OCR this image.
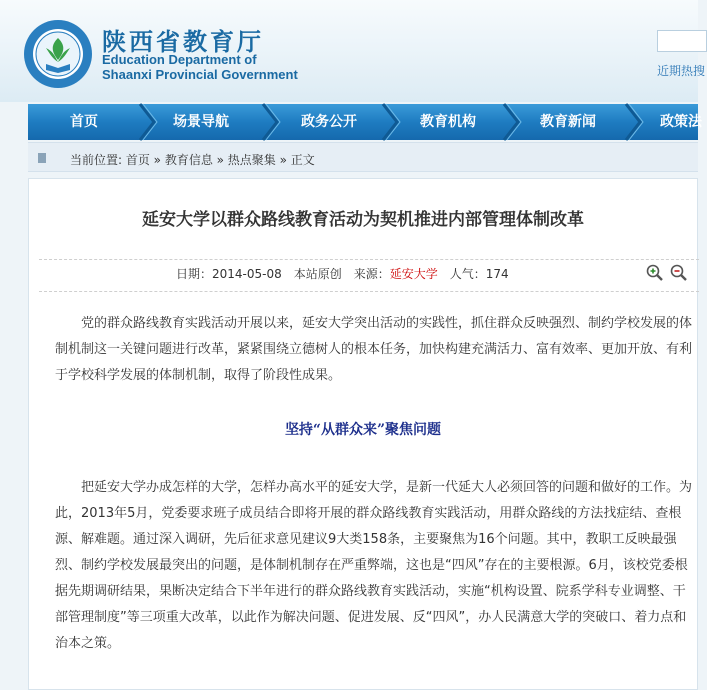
陕西省教育厅
Education Department of
Shaanxi Provincial Government	近期热搜
首页	场景导航	政务公开	教育机构	教育新闻	政策法
当前位置: 首页 » 教育信息 » 热点聚集 » 正文
延安大学以群众路线教育活动为契机推进内部管理体制改革
日期：2014-05-08　本站原创　来源：延安大学　人气：174
党的群众路线教育实践活动开展以来，延安大学突出活动的实践性，抓住群众反映强烈、制约学校发展的体制机制这一关键问题进行改革，紧紧围绕立德树人的根本任务，加快构建充满活力、富有效率、更加开放、有利于学校科学发展的体制机制，取得了阶段性成果。
坚持“从群众来”聚焦问题
把延安大学办成怎样的大学，怎样办高水平的延安大学，是新一代延大人必须回答的问题和做好的工作。为此，2013年5月，党委要求班子成员结合即将开展的群众路线教育实践活动，用群众路线的方法找症结、查根源、解难题。通过深入调研，先后征求意见建议9大类158条，主要聚焦为16个问题。其中，教职工反映最强烈、制约学校发展最突出的问题，是体制机制存在严重弊端，这也是“四风”存在的主要根源。6月，该校党委根据先期调研结果，果断决定结合下半年进行的群众路线教育实践活动，实施“机构设置、院系学科专业调整、干部管理制度”等三项重大改革，以此作为解决问题、促进发展、反“四风”，办人民满意大学的突破口、着力点和治本之策。
